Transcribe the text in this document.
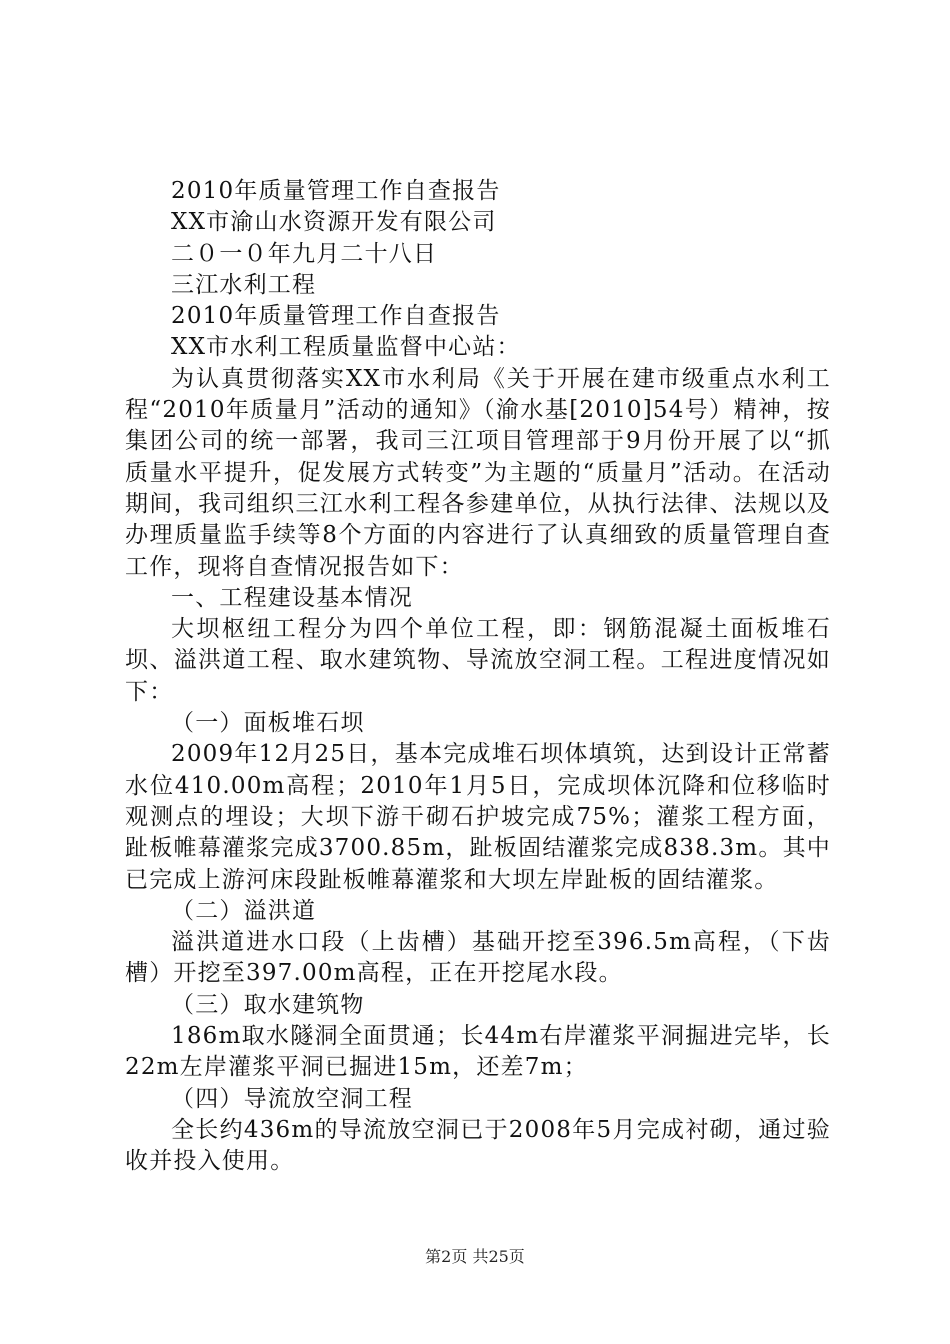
2010年质量管理工作自查报告

XX市渝山水资源开发有限公司

二０一０年九月二十八日

三江水利工程

2010年质量管理工作自查报告

XX市水利工程质量监督中心站：

为认真贯彻落实XX市水利局《关于开展在建市级重点水利工程“2010年质量月”活动的通知》（渝水基[2010]54号）精神，按集团公司的统一部署，我司三江项目管理部于9月份开展了以“抓质量水平提升，促发展方式转变”为主题的“质量月”活动。在活动期间，我司组织三江水利工程各参建单位，从执行法律、法规以及办理质量监手续等8个方面的内容进行了认真细致的质量管理自查工作，现将自查情况报告如下：

一、工程建设基本情况

大坝枢纽工程分为四个单位工程，即：钢筋混凝土面板堆石坝、溢洪道工程、取水建筑物、导流放空洞工程。工程进度情况如下：

（一）面板堆石坝

2009年12月25日，基本完成堆石坝体填筑，达到设计正常蓄水位410.00m高程；2010年1月5日，完成坝体沉降和位移临时观测点的埋设；大坝下游干砌石护坡完成75%；灌浆工程方面，趾板帷幕灌浆完成3700.85m，趾板固结灌浆完成838.3m。其中已完成上游河床段趾板帷幕灌浆和大坝左岸趾板的固结灌浆。

（二）溢洪道

溢洪道进水口段（上齿槽）基础开挖至396.5m高程，（下齿槽）开挖至397.00m高程，正在开挖尾水段。

（三）取水建筑物

186m取水隧洞全面贯通；长44m右岸灌浆平洞掘进完毕，长22m左岸灌浆平洞已掘进15m，还差7m；

（四）导流放空洞工程

全长约436m的导流放空洞已于2008年5月完成衬砌，通过验收并投入使用。

第2页 共25页
